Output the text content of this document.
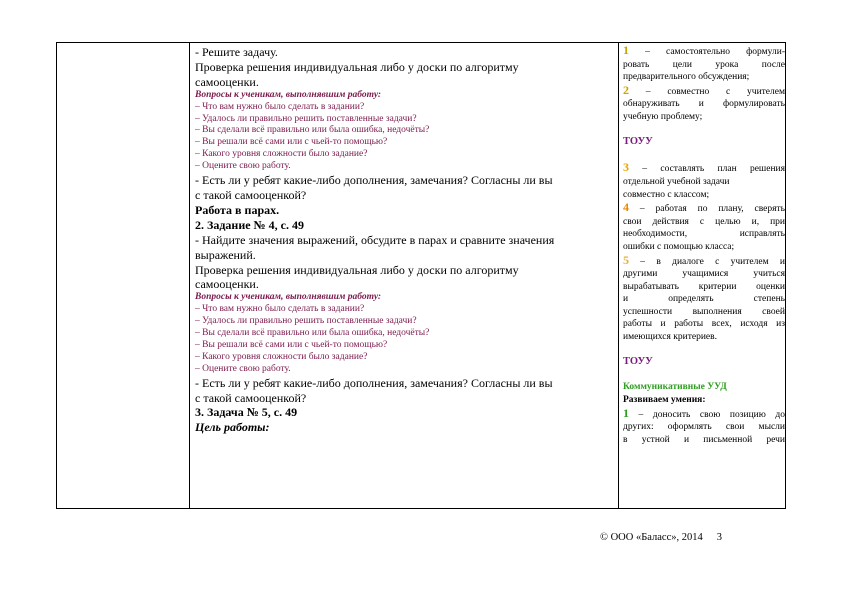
- Решите задачу.
Проверка решения индивидуальная либо у доски по алгоритму
самооценки.
Вопросы к ученикам, выполнявшим работу:
– Что вам нужно было сделать в задании?
– Удалось ли правильно решить поставленные задачи?
– Вы сделали всё правильно или была ошибка, недочёты?
– Вы решали всё сами или с чьей-то помощью?
– Какого уровня сложности было задание?
– Оцените свою работу.
- Есть ли у ребят какие-либо дополнения, замечания? Согласны ли вы
с такой самооценкой?
Работа в парах.
2. Задание № 4, с. 49
- Найдите значения выражений, обсудите в парах и сравните значения
выражений.
Проверка решения индивидуальная либо у доски по алгоритму
самооценки.
Вопросы к ученикам, выполнявшим работу:
– Что вам нужно было сделать в задании?
– Удалось ли правильно решить поставленные задачи?
– Вы сделали всё правильно или была ошибка, недочёты?
– Вы решали всё сами или с чьей-то помощью?
– Какого уровня сложности было задание?
– Оцените свою работу.
- Есть ли у ребят какие-либо дополнения, замечания? Согласны ли вы
с такой самооценкой?
3. Задача № 5, с. 49
Цель работы:
1 – самостоятельно формули-
ровать цели урока после
предварительного обсуждения;
2 – совместно с учителем
обнаруживать и формулировать
учебную проблему;
ТОУУ
3 – составлять план решения
отдельной учебной задачи
совместно с классом;
4 – работая по плану, сверять
свои действия с целью и, при
необходимости, исправлять
ошибки с помощью класса;
5 – в диалоге с учителем и
другими учащимися учиться
вырабатывать критерии оценки
и определять степень
успешности выполнения своей
работы и работы всех, исходя из
имеющихся критериев.
ТОУУ
Коммуникативные УУД
Развиваем умения:
1 – доносить свою позицию до
других: оформлять свои мысли
в устной и письменной речи
© ООО «Баласс», 2014 3
